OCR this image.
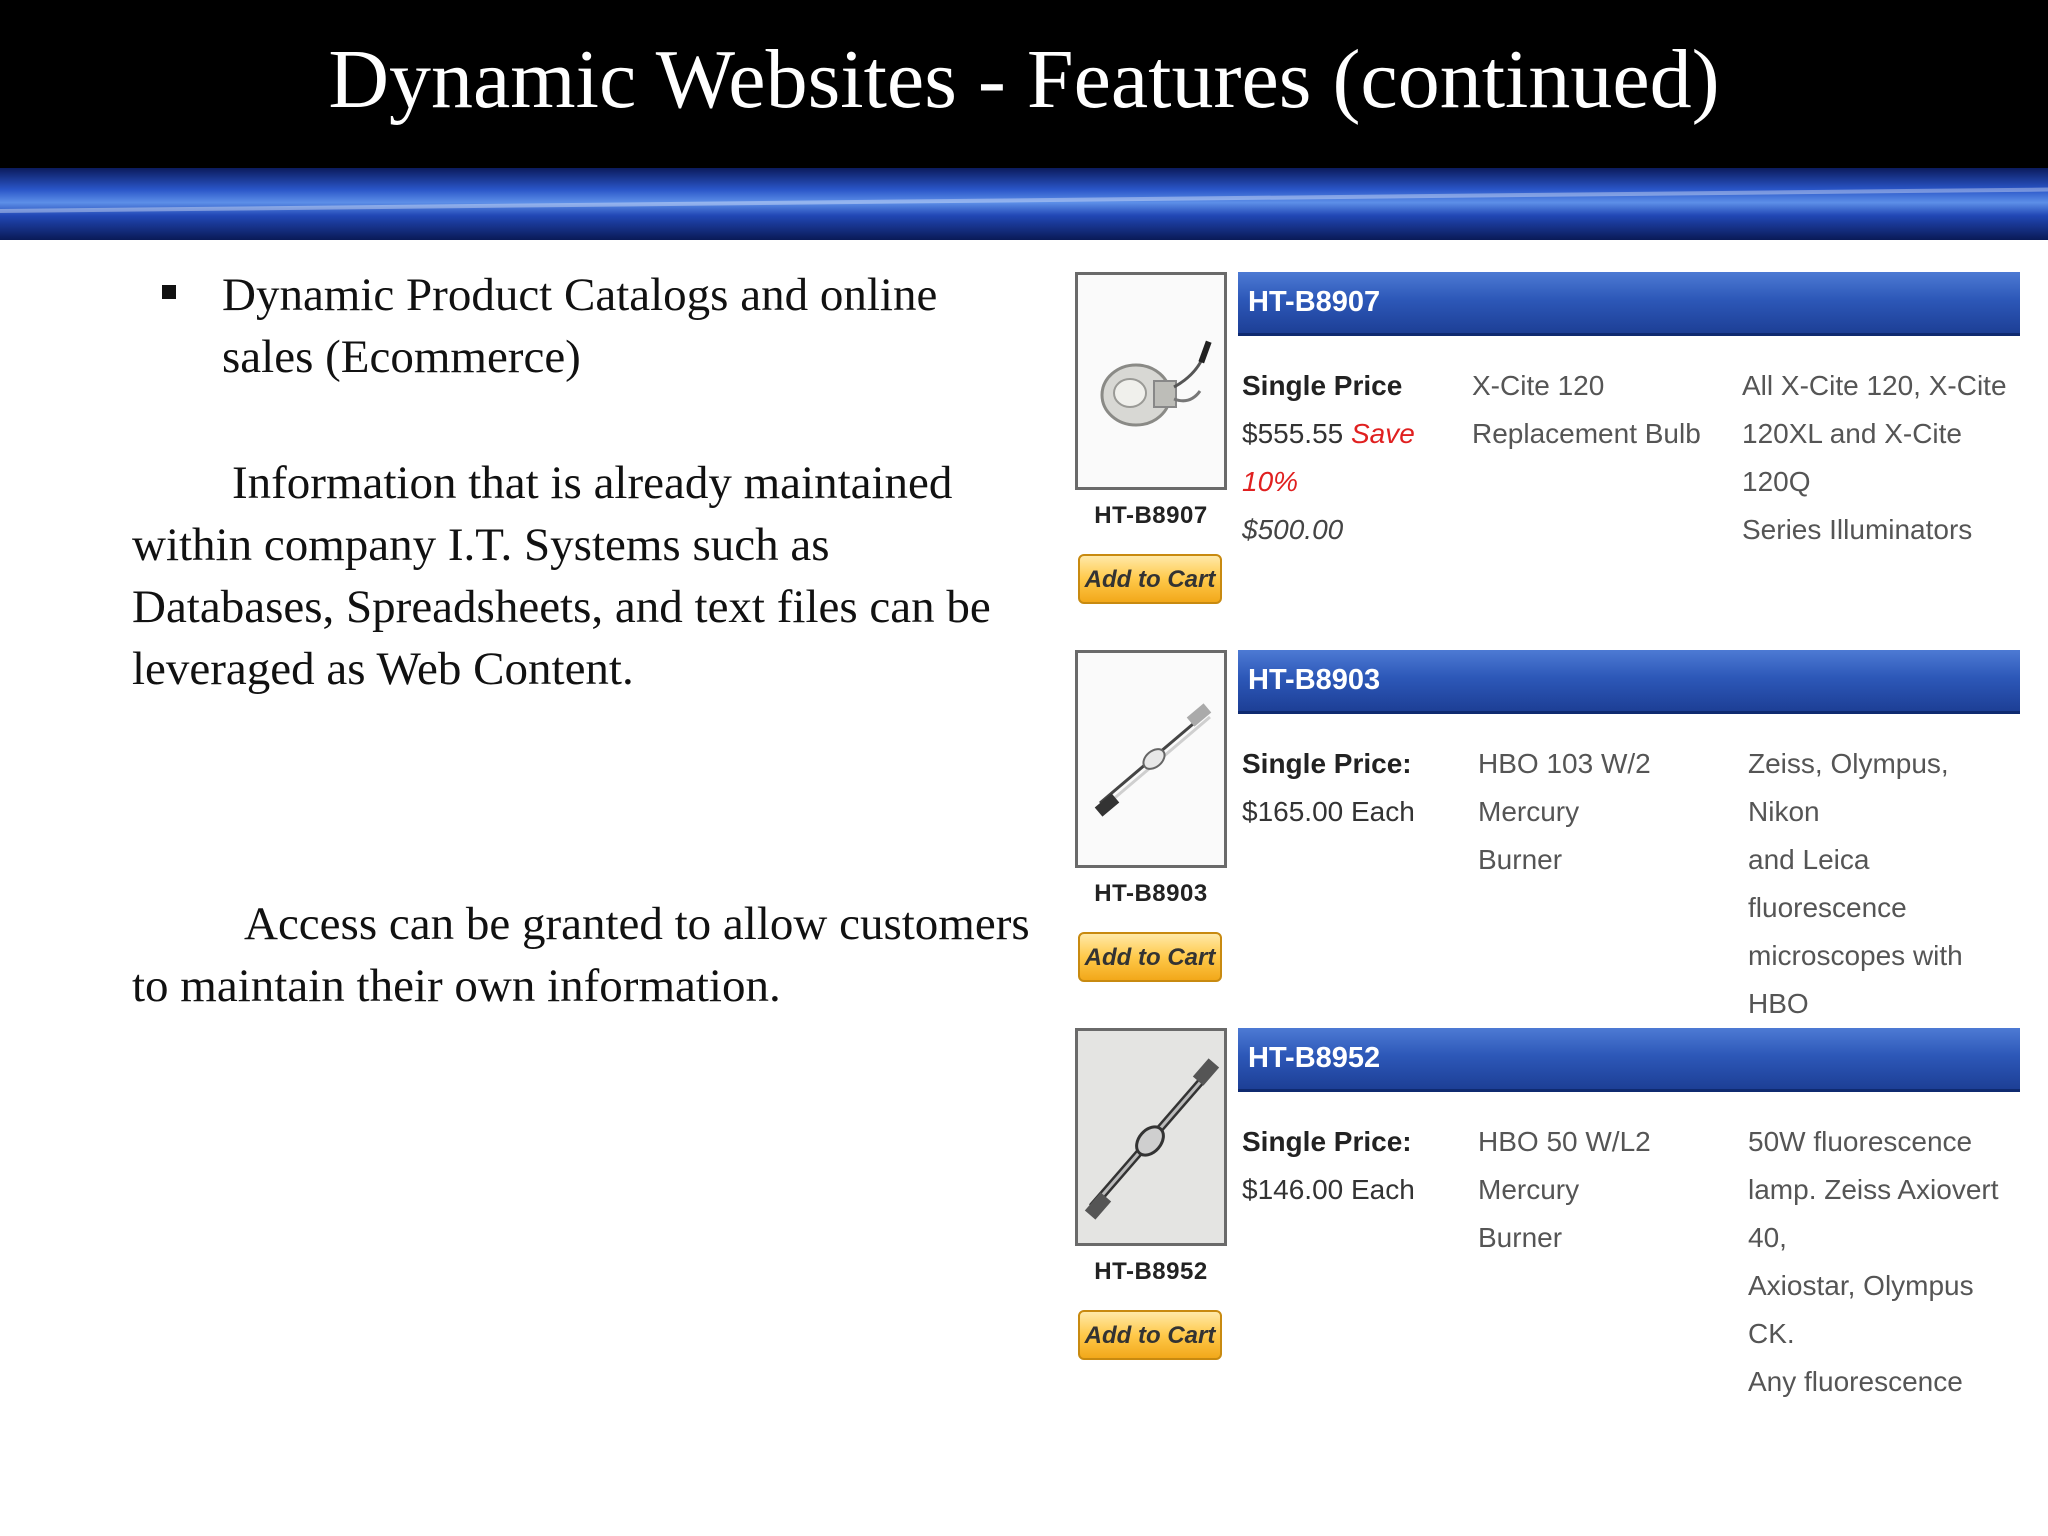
Dynamic Websites - Features (continued)
Dynamic Product Catalogs and online sales (Ecommerce)
Information that is already maintained within company I.T. Systems such as Databases, Spreadsheets, and text files can be leveraged as Web Content.
Access can be granted to allow customers to maintain their own information.
HT-B8907
Add to Cart
HT-B8907
Single Price
$555.55 Save
10%
$500.00
X-Cite 120
Replacement Bulb
All X-Cite 120, X-Cite
120XL and X-Cite 120Q
Series Illuminators
HT-B8903
Add to Cart
HT-B8903
Single Price:
$165.00 Each
HBO 103 W/2 Mercury
Burner
Zeiss, Olympus, Nikon
and Leica fluorescence
microscopes with HBO
HT-B8952
Add to Cart
HT-B8952
Single Price:
$146.00 Each
HBO 50 W/L2 Mercury
Burner
50W fluorescence
lamp. Zeiss Axiovert 40,
Axiostar, Olympus CK.
Any fluorescence
